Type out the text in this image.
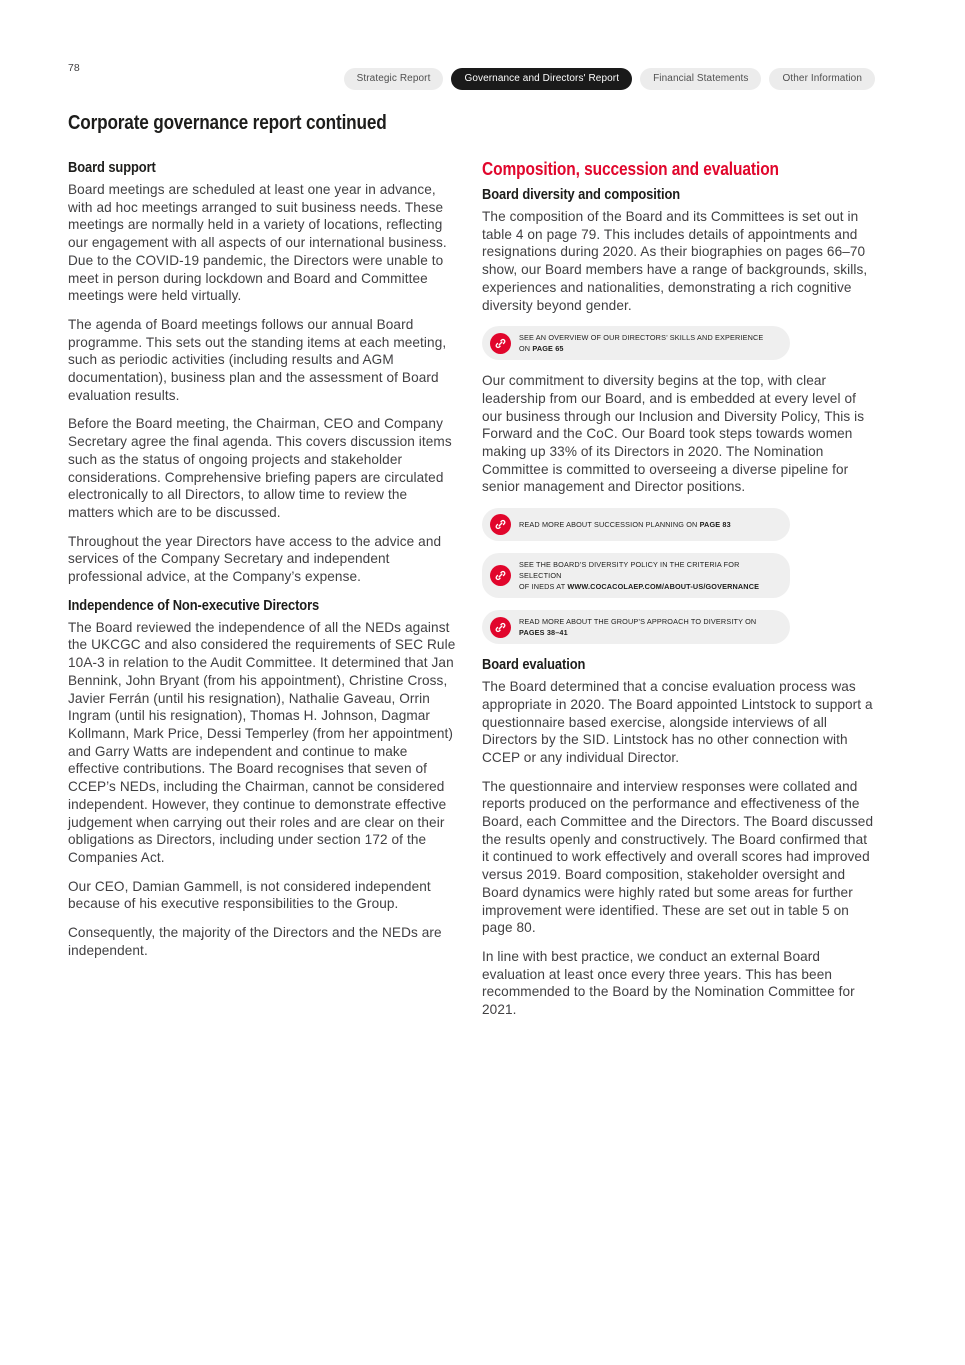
78
Strategic Report	Governance and Directors' Report	Financial Statements	Other Information
Corporate governance report continued
Board support

Board meetings are scheduled at least one year in advance, with ad hoc meetings arranged to suit business needs. These meetings are normally held in a variety of locations, reflecting our engagement with all aspects of our international business. Due to the COVID-19 pandemic, the Directors were unable to meet in person during lockdown and Board and Committee meetings were held virtually.

The agenda of Board meetings follows our annual Board programme. This sets out the standing items at each meeting, such as periodic activities (including results and AGM documentation), business plan and the assessment of Board evaluation results.

Before the Board meeting, the Chairman, CEO and Company Secretary agree the final agenda. This covers discussion items such as the status of ongoing projects and stakeholder considerations. Comprehensive briefing papers are circulated electronically to all Directors, to allow time to review the matters which are to be discussed.

Throughout the year Directors have access to the advice and services of the Company Secretary and independent professional advice, at the Company’s expense.

Independence of Non-executive Directors

The Board reviewed the independence of all the NEDs against the UKCGC and also considered the requirements of SEC Rule 10A-3 in relation to the Audit Committee. It determined that Jan Bennink, John Bryant (from his appointment), Christine Cross, Javier Ferrán (until his resignation), Nathalie Gaveau, Orrin Ingram (until his resignation), Thomas H. Johnson, Dagmar Kollmann, Mark Price, Dessi Temperley (from her appointment) and Garry Watts are independent and continue to make effective contributions. The Board recognises that seven of CCEP’s NEDs, including the Chairman, cannot be considered independent. However, they continue to demonstrate effective judgement when carrying out their roles and are clear on their obligations as Directors, including under section 172 of the Companies Act.

Our CEO, Damian Gammell, is not considered independent because of his executive responsibilities to the Group.

Consequently, the majority of the Directors and the NEDs are independent.

Composition, succession and evaluation
Board diversity and composition

The composition of the Board and its Committees is set out in table 4 on page 79. This includes details of appointments and resignations during 2020. As their biographies on pages 66–70 show, our Board members have a range of backgrounds, skills, experiences and nationalities, demonstrating a rich cognitive diversity beyond gender.

SEE AN OVERVIEW OF OUR DIRECTORS’ SKILLS AND EXPERIENCE ON PAGE 65

Our commitment to diversity begins at the top, with clear leadership from our Board, and is embedded at every level of our business through our Inclusion and Diversity Policy, This is Forward and the CoC. Our Board took steps towards women making up 33% of its Directors in 2020. The Nomination Committee is committed to overseeing a diverse pipeline for senior management and Director positions.

READ MORE ABOUT SUCCESSION PLANNING ON PAGE 83
SEE THE BOARD’S DIVERSITY POLICY IN THE CRITERIA FOR SELECTION
OF INEDS AT WWW.COCACOLAEP.COM/ABOUT-US/GOVERNANCE
READ MORE ABOUT THE GROUP’S APPROACH TO DIVERSITY ON PAGES 38–41
Board evaluation

The Board determined that a concise evaluation process was appropriate in 2020. The Board appointed Lintstock to support a questionnaire based exercise, alongside interviews of all Directors by the SID. Lintstock has no other connection with CCEP or any individual Director.

The questionnaire and interview responses were collated and reports produced on the performance and effectiveness of the Board, each Committee and the Directors. The Board discussed the results openly and constructively. The Board confirmed that it continued to work effectively and overall scores had improved versus 2019. Board composition, stakeholder oversight and Board dynamics were highly rated but some areas for further improvement were identified. These are set out in table 5 on page 80.

In line with best practice, we conduct an external Board evaluation at least once every three years. This has been recommended to the Board by the Nomination Committee for 2021.
